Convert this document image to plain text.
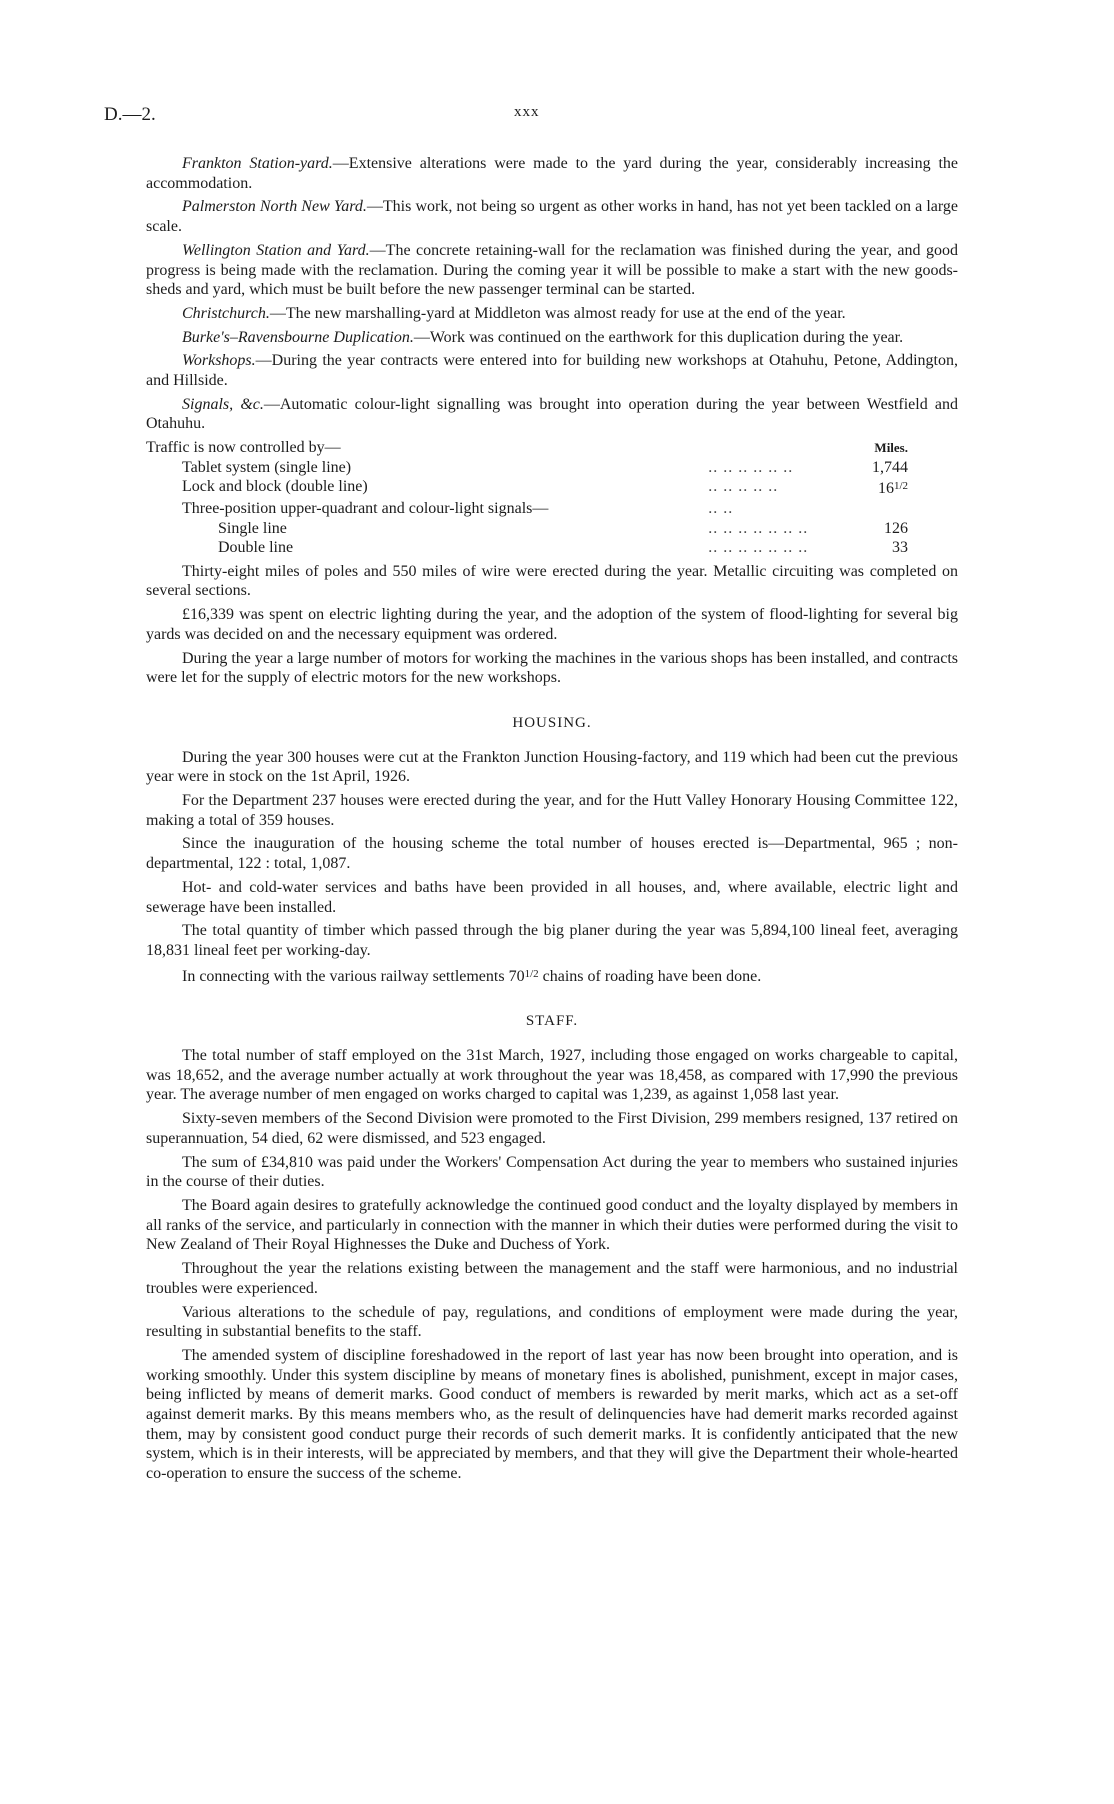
D.—2.	xxx

Frankton Station-yard.—Extensive alterations were made to the yard during the year, considerably increasing the accommodation.

Palmerston North New Yard.—This work, not being so urgent as other works in hand, has not yet been tackled on a large scale.

Wellington Station and Yard.—The concrete retaining-wall for the reclamation was finished during the year, and good progress is being made with the reclamation. During the coming year it will be possible to make a start with the new goods-sheds and yard, which must be built before the new passenger terminal can be started.

Christchurch.—The new marshalling-yard at Middleton was almost ready for use at the end of the year.

Burke's–Ravensbourne Duplication.—Work was continued on the earthwork for this duplication during the year.

Workshops.—During the year contracts were entered into for building new workshops at Otahuhu, Petone, Addington, and Hillside.

Signals, &c.—Automatic colour-light signalling was brought into operation during the year between Westfield and Otahuhu.

Traffic is now controlled by—		Miles.
Tablet system (single line)	.. .. .. .. .. ..	1,744
Lock and block (double line)	.. .. .. .. ..	$16^{1/2}$
Three-position upper-quadrant and colour-light signals—	.. ..	
Single line	.. .. .. .. .. .. ..	126
Double line	.. .. .. .. .. .. ..	33

Thirty-eight miles of poles and 550 miles of wire were erected during the year. Metallic circuiting was completed on several sections.

£16,339 was spent on electric lighting during the year, and the adoption of the system of flood-lighting for several big yards was decided on and the necessary equipment was ordered.

During the year a large number of motors for working the machines in the various shops has been installed, and contracts were let for the supply of electric motors for the new workshops.

HOUSING.

During the year 300 houses were cut at the Frankton Junction Housing-factory, and 119 which had been cut the previous year were in stock on the 1st April, 1926.

For the Department 237 houses were erected during the year, and for the Hutt Valley Honorary Housing Committee 122, making a total of 359 houses.

Since the inauguration of the housing scheme the total number of houses erected is—Departmental, 965 ; non-departmental, 122 : total, 1,087.

Hot- and cold-water services and baths have been provided in all houses, and, where available, electric light and sewerage have been installed.

The total quantity of timber which passed through the big planer during the year was 5,894,100 lineal feet, averaging 18,831 lineal feet per working-day.

In connecting with the various railway settlements $70^{1/2}$ chains of roading have been done.

STAFF.

The total number of staff employed on the 31st March, 1927, including those engaged on works chargeable to capital, was 18,652, and the average number actually at work throughout the year was 18,458, as compared with 17,990 the previous year. The average number of men engaged on works charged to capital was 1,239, as against 1,058 last year.

Sixty-seven members of the Second Division were promoted to the First Division, 299 members resigned, 137 retired on superannuation, 54 died, 62 were dismissed, and 523 engaged.

The sum of £34,810 was paid under the Workers' Compensation Act during the year to members who sustained injuries in the course of their duties.

The Board again desires to gratefully acknowledge the continued good conduct and the loyalty displayed by members in all ranks of the service, and particularly in connection with the manner in which their duties were performed during the visit to New Zealand of Their Royal Highnesses the Duke and Duchess of York.

Throughout the year the relations existing between the management and the staff were harmonious, and no industrial troubles were experienced.

Various alterations to the schedule of pay, regulations, and conditions of employment were made during the year, resulting in substantial benefits to the staff.

The amended system of discipline foreshadowed in the report of last year has now been brought into operation, and is working smoothly. Under this system discipline by means of monetary fines is abolished, punishment, except in major cases, being inflicted by means of demerit marks. Good conduct of members is rewarded by merit marks, which act as a set-off against demerit marks. By this means members who, as the result of delinquencies have had demerit marks recorded against them, may by consistent good conduct purge their records of such demerit marks. It is confidently anticipated that the new system, which is in their interests, will be appreciated by members, and that they will give the Department their whole-hearted co-operation to ensure the success of the scheme.
